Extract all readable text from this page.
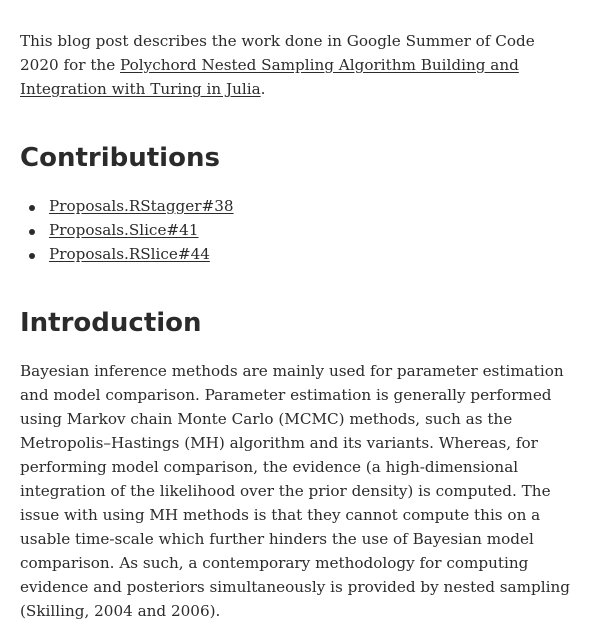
This blog post describes the work done in Google Summer of Code 2020 for the Polychord Nested Sampling Algorithm Building and Integration with Turing in Julia.

Contributions
Proposals.RStagger#38
Proposals.Slice#41
Proposals.RSlice#44
Introduction

Bayesian inference methods are mainly used for parameter estimation and model comparison. Parameter estimation is generally performed using Markov chain Monte Carlo (MCMC) methods, such as the Metropolis–Hastings (MH) algorithm and its variants. Whereas, for performing model comparison, the evidence (a high-dimensional integration of the likelihood over the prior density) is computed. The issue with using MH methods is that they cannot compute this on a usable time-scale which further hinders the use of Bayesian model comparison. As such, a contemporary methodology for computing evidence and posteriors simultaneously is provided by nested sampling (Skilling, 2004 and 2006).
